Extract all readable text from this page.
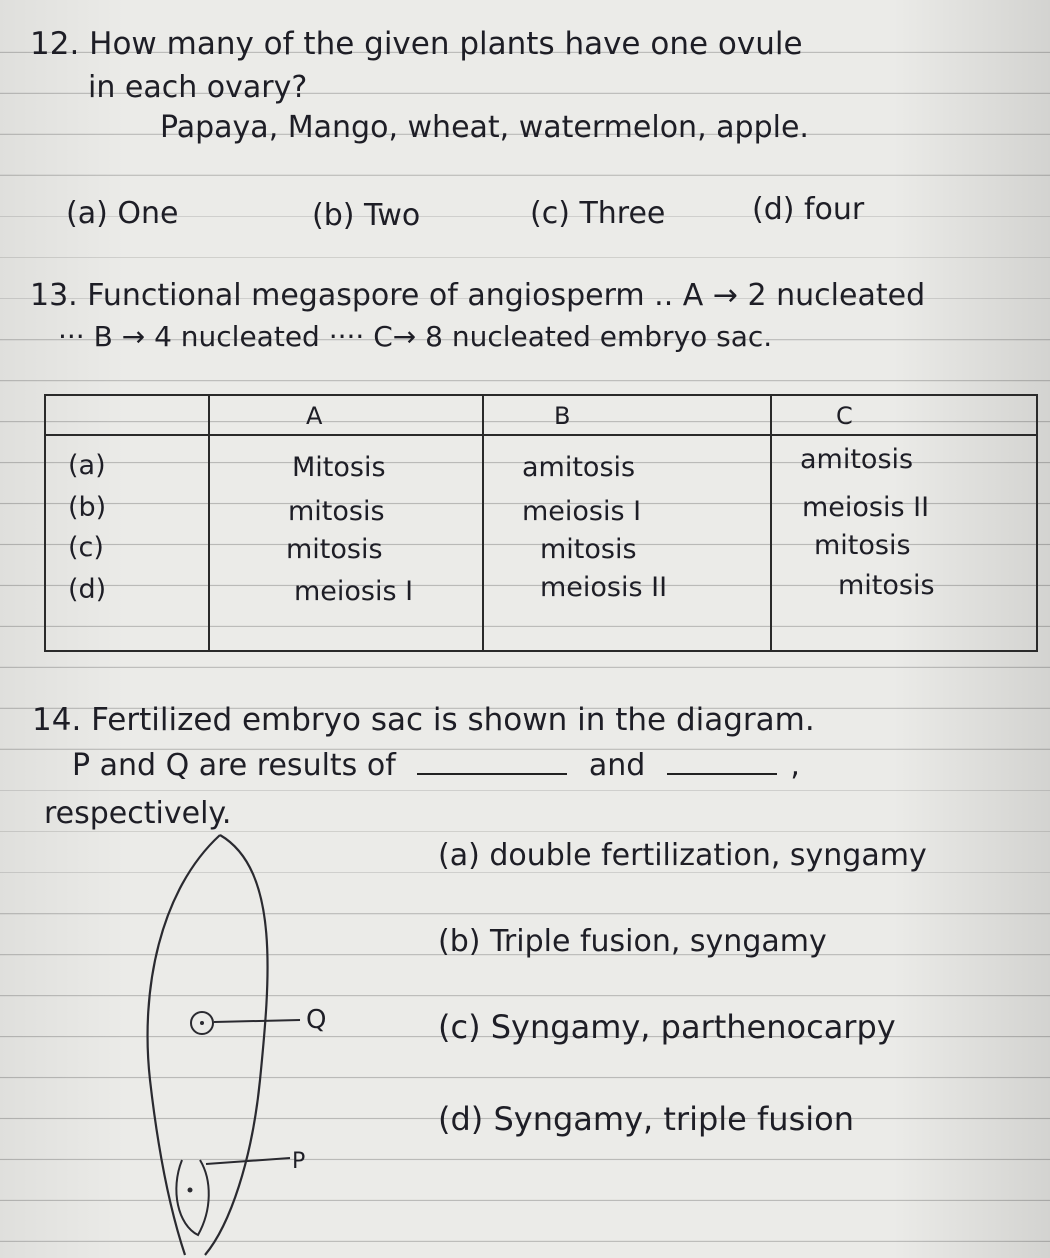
12. How many of the given plants have one ovule
in each ovary?
Papaya, Mango, wheat, watermelon, apple.
(a) One	(b) Two	(c) Three	(d) four
13. Functional megaspore of angiosperm .. A → 2 nucleated
··· B → 4 nucleated ···· C→ 8 nucleated embryo sac.
A	B	C
(a)	Mitosis	amitosis	amitosis
(b)	mitosis	meiosis I	meiosis II
(c)	mitosis	mitosis	mitosis
(d)	meiosis I	meiosis II	mitosis
14. Fertilized embryo sac is shown in the diagram.
P and Q are results of	and	,
respectively.
(a) double fertilization, syngamy
(b) Triple fusion, syngamy
(c) Syngamy, parthenocarpy
(d) Syngamy, triple fusion
Q
P
